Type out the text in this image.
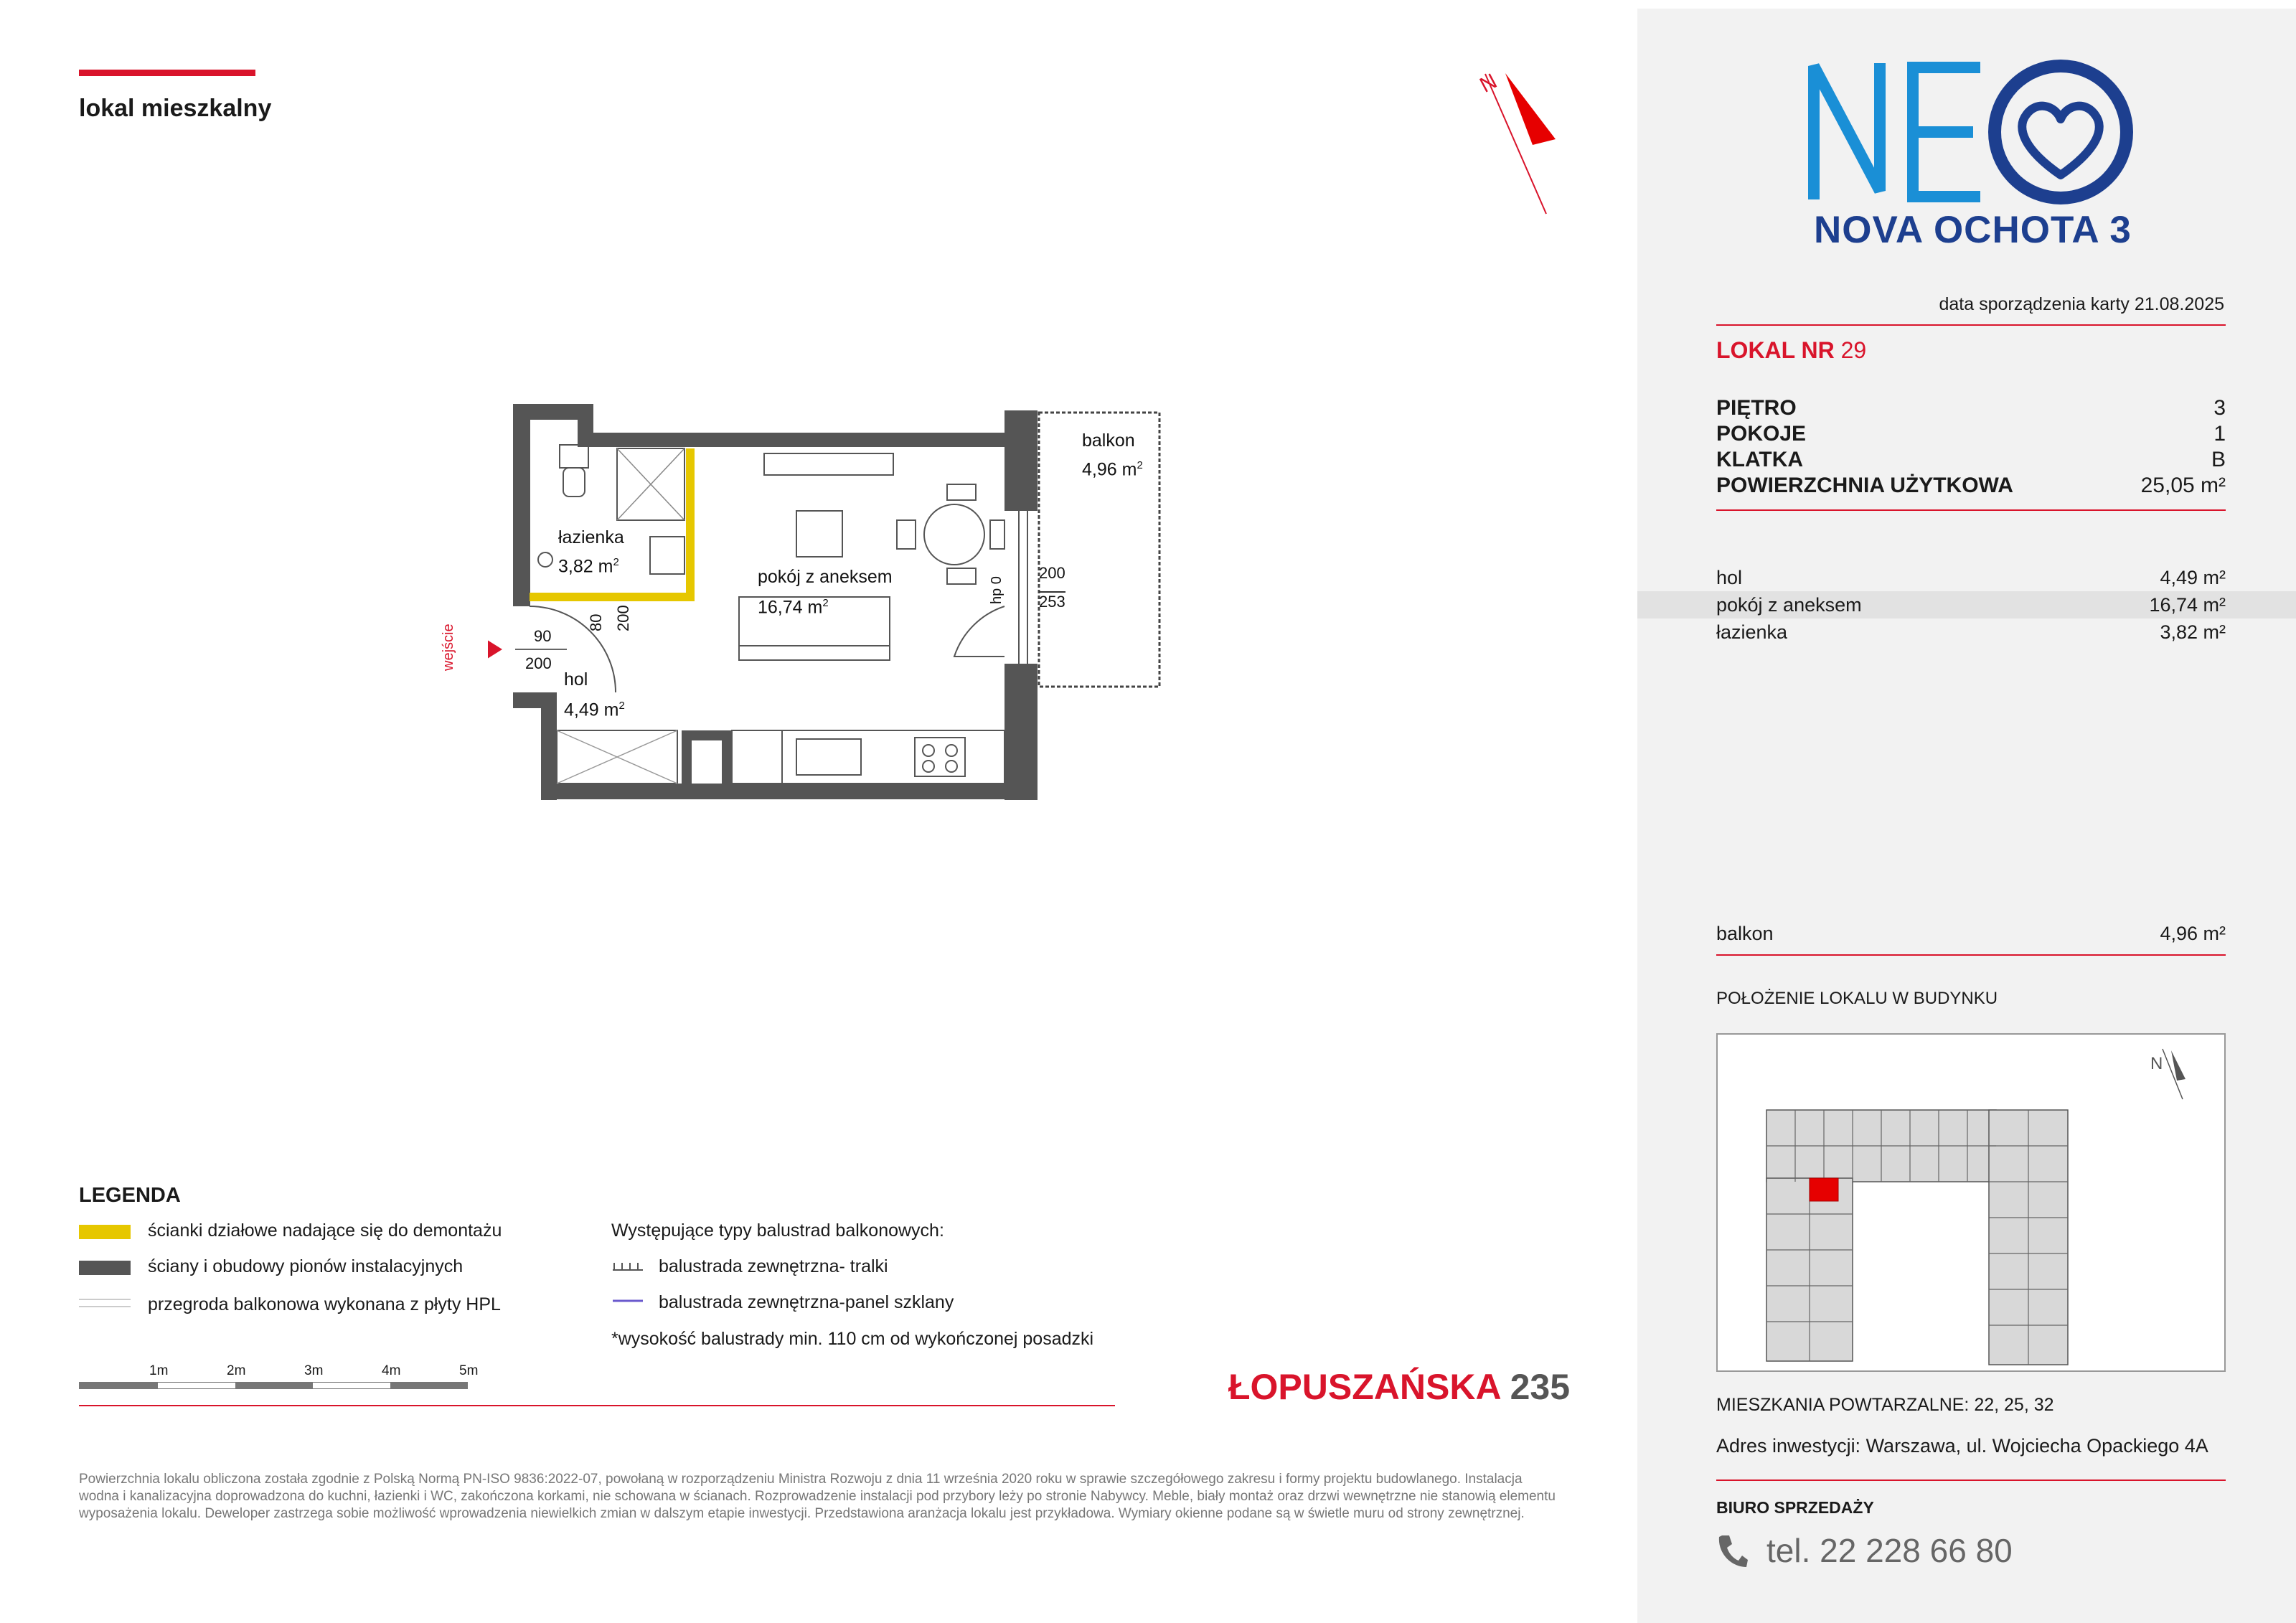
lokal mieszkalny
N
wejście
balkon
4,96 $m^2$
łazienka
3,82 $m^2$
pokój z aneksem
16,74 $m^2$
hol
4,49 $m^2$
90
200
80 200
hp 0
200
253
LEGENDA
ścianki działowe nadające się do demontażu
ściany i obudowy pionów instalacyjnych
przegroda balkonowa wykonana z płyty HPL
Występujące typy balustrad balkonowych:
balustrada zewnętrzna- tralki
balustrada zewnętrzna-panel szklany
*wysokość balustrady min. 110 cm od wykończonej posadzki
1m	2m	3m	4m	5m	ŁOPUSZAŃSKA 235
Powierzchnia lokalu obliczona została zgodnie z Polską Normą PN-ISO 9836:2022-07, powołaną w rozporządzeniu Ministra Rozwoju z dnia 11 września 2020 roku w sprawie szczegółowego zakresu i formy projektu budowlanego. Instalacja wodna i kanalizacyjna doprowadzona do kuchni, łazienki i WC, zakończona korkami, nie schowana w ścianach. Rozprowadzenie instalacji pod przybory leży po stronie Nabywcy. Meble, biały montaż oraz drzwi wewnętrzne nie stanowią elementu wyposażenia lokalu. Deweloper zastrzega sobie możliwość wprowadzenia niewielkich zmian w dalszym etapie inwestycji. Przedstawiona aranżacja lokalu jest przykładowa. Wymiary okienne podane są w świetle muru od strony zewnętrznej.
NOVA OCHOTA 3
data sporządzenia karty 21.08.2025
LOKAL NR 29
PIĘTRO	3
POKOJE	1
KLATKA	B
POWIERZCHNIA UŻYTKOWA	25,05 m²
hol	4,49 m²
pokój z aneksem	16,74 m²
łazienka	3,82 m²
balkon	4,96 m²
POŁOŻENIE LOKALU W BUDYNKU
N
MIESZKANIA POWTARZALNE: 22, 25, 32
Adres inwestycji: Warszawa, ul. Wojciecha Opackiego 4A
BIURO SPRZEDAŻY
tel. 22 228 66 80
